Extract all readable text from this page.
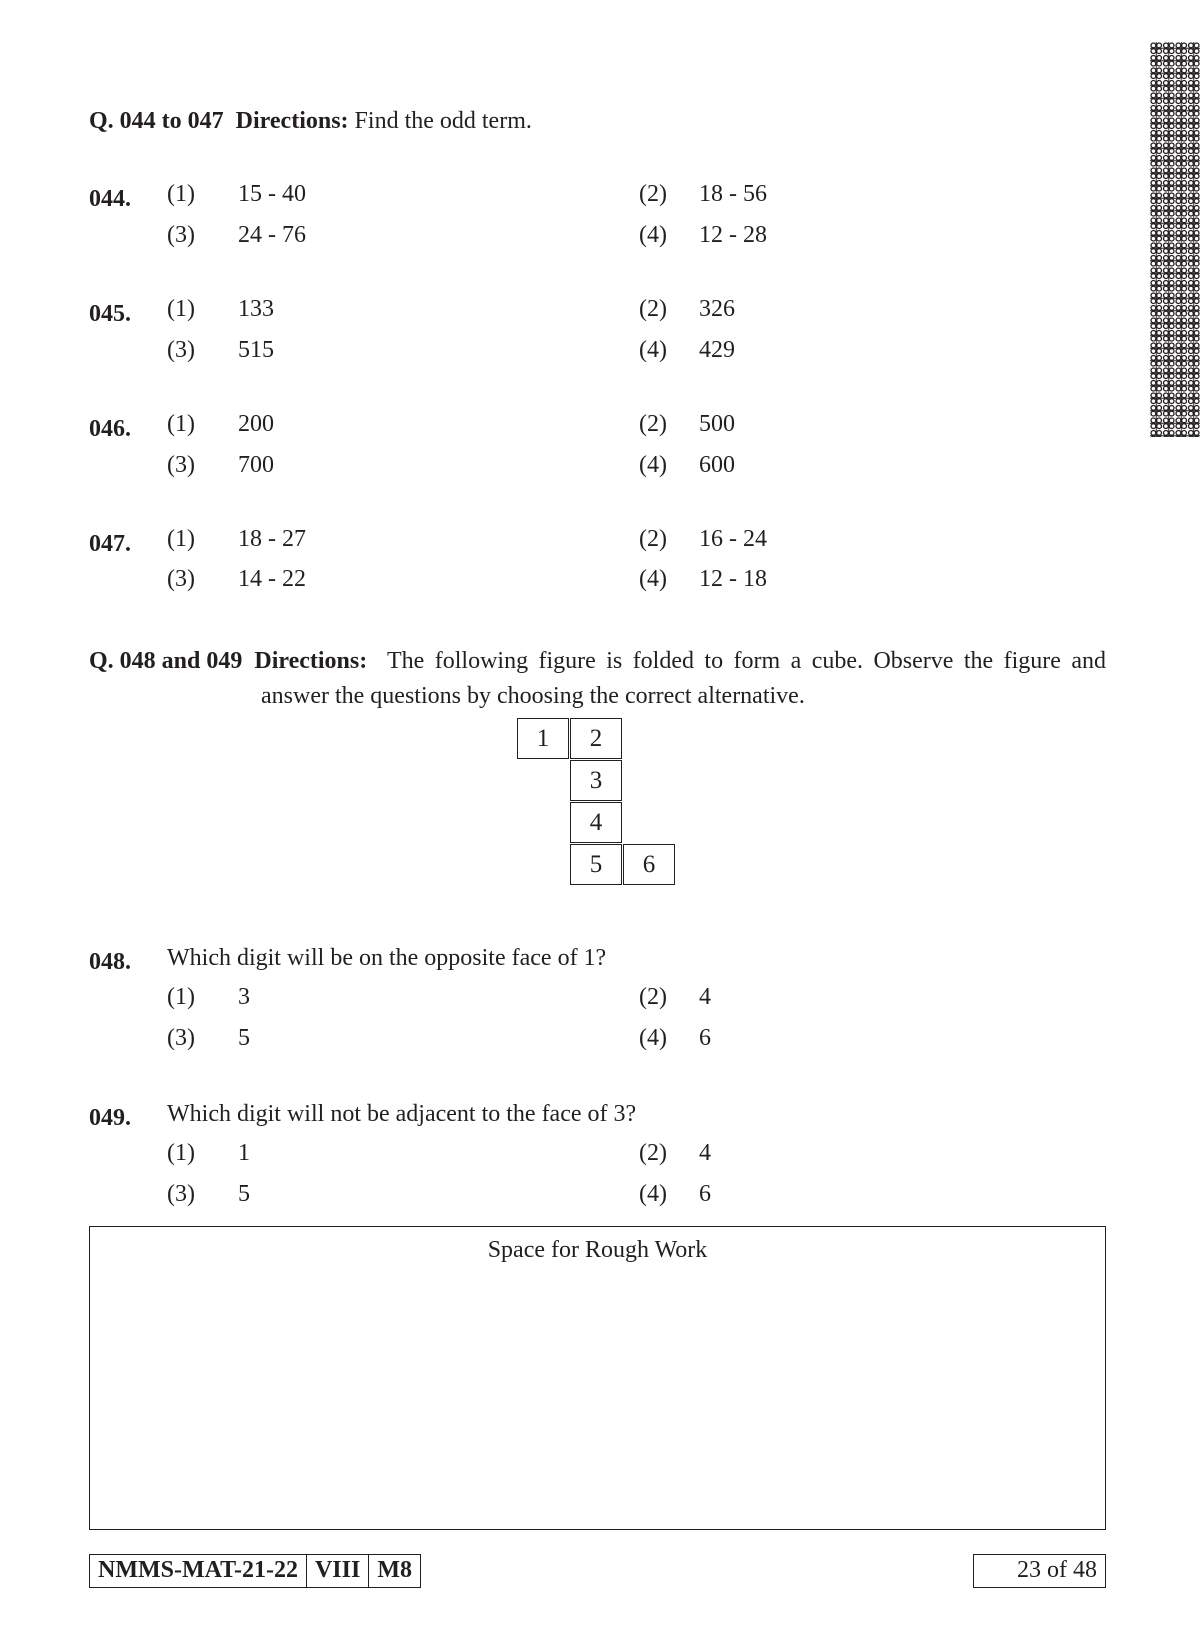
Q. 044 to 047 Directions: Find the odd term.
044. (1) 15 - 40	(2) 18 - 56
(3) 24 - 76	(4) 12 - 28
045. (1) 133	(2) 326
(3) 515	(4) 429
046. (1) 200	(2) 500
(3) 700	(4) 600
047. (1) 18 - 27	(2) 16 - 24
(3) 14 - 22	(4) 12 - 18
Q. 048 and 049 Directions: The following figure is folded to form a cube. Observe the figure and
answer the questions by choosing the correct alternative.
1	2
3
4
5	6
048. Which digit will be on the opposite face of 1?
(1) 3	(2) 4
(3) 5	(4) 6
049. Which digit will not be adjacent to the face of 3?
(1) 1	(2) 4
(3) 5	(4) 6
Space for Rough Work
NMMS-MAT-21-22 VIII M8	23 of 48
